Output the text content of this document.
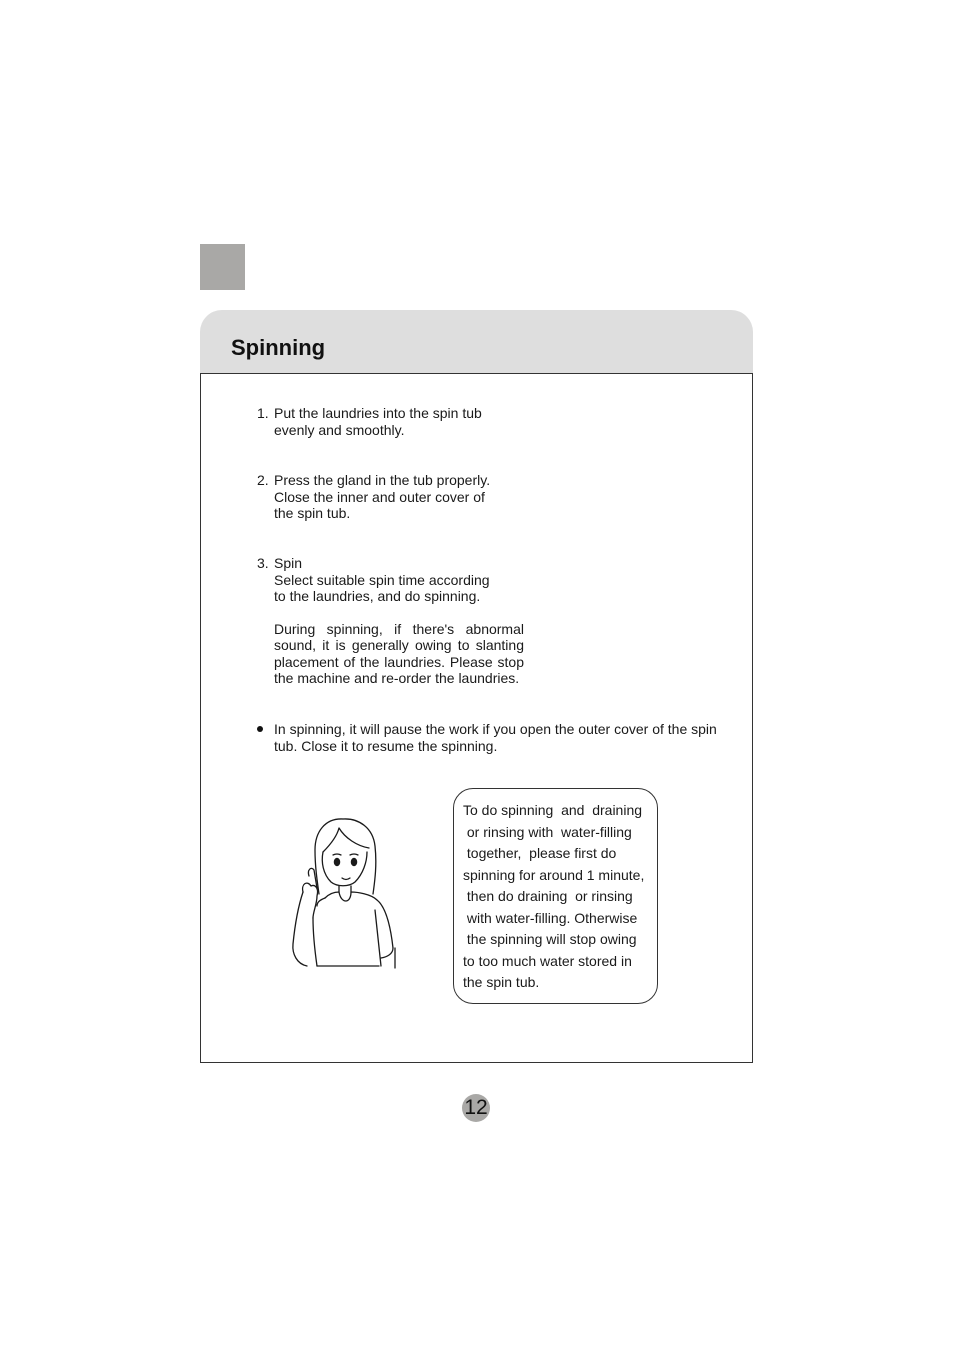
Spinning
1. Put the laundries into the spin tub
evenly and smoothly.

2. Press the gland in the tub properly.
Close the inner and outer cover of
the spin tub.

3. Spin
Select suitable spin time according
to the laundries, and do spinning.

During spinning, if there's abnormal sound, it is generally owing to slanting placement of the laundries. Please stop the machine and re-order the laundries.

In spinning, it will pause the work if you open the outer cover of the spin tub. Close it to resume the spinning.
To do spinning  and  draining
or rinsing with  water-filling
together,  please first do
spinning for around 1 minute,
then do draining  or rinsing
with water-filling. Otherwise
the spinning will stop owing
to too much water stored in
the spin tub.
12
